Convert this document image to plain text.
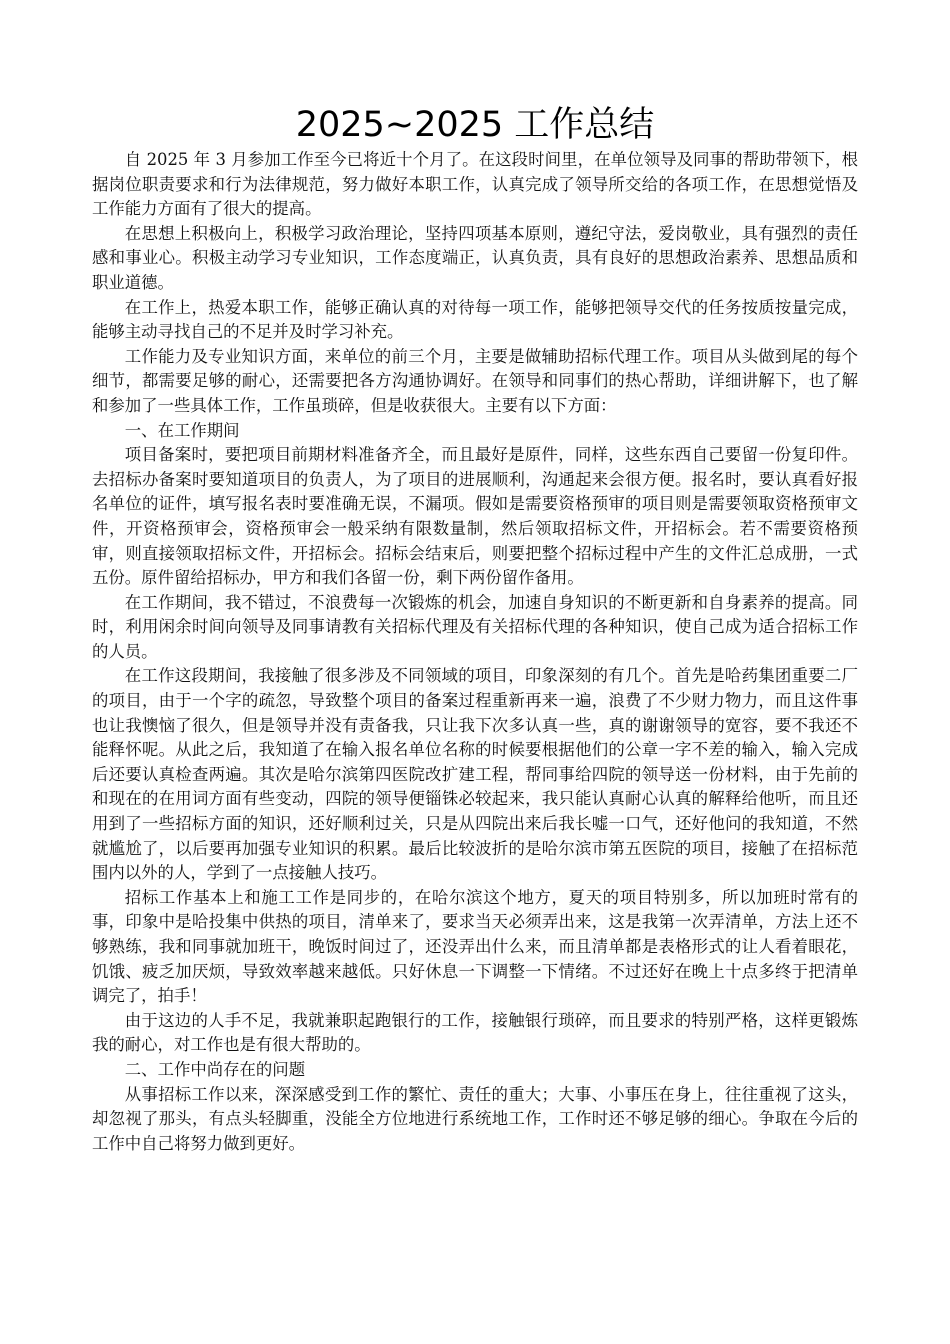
2025~2025 工作总结

自 2025 年 3 月参加工作至今已将近十个月了。在这段时间里，在单位领导及同事的帮助带领下，根据岗位职责要求和行为法律规范，努力做好本职工作，认真完成了领导所交给的各项工作，在思想觉悟及工作能力方面有了很大的提高。

在思想上积极向上，积极学习政治理论，坚持四项基本原则，遵纪守法，爱岗敬业，具有强烈的责任感和事业心。积极主动学习专业知识，工作态度端正，认真负责，具有良好的思想政治素养、思想品质和职业道德。

在工作上，热爱本职工作，能够正确认真的对待每一项工作，能够把领导交代的任务按质按量完成，能够主动寻找自己的不足并及时学习补充。

工作能力及专业知识方面，来单位的前三个月，主要是做辅助招标代理工作。项目从头做到尾的每个细节，都需要足够的耐心，还需要把各方沟通协调好。在领导和同事们的热心帮助，详细讲解下，也了解和参加了一些具体工作，工作虽琐碎，但是收获很大。主要有以下方面：

一、在工作期间

项目备案时，要把项目前期材料准备齐全，而且最好是原件，同样，这些东西自己要留一份复印件。去招标办备案时要知道项目的负责人，为了项目的进展顺利，沟通起来会很方便。报名时，要认真看好报名单位的证件，填写报名表时要准确无误，不漏项。假如是需要资格预审的项目则是需要领取资格预审文件，开资格预审会，资格预审会一般采纳有限数量制，然后领取招标文件，开招标会。若不需要资格预审，则直接领取招标文件，开招标会。招标会结束后，则要把整个招标过程中产生的文件汇总成册，一式五份。原件留给招标办，甲方和我们各留一份，剩下两份留作备用。

在工作期间，我不错过，不浪费每一次锻炼的机会，加速自身知识的不断更新和自身素养的提高。同时，利用闲余时间向领导及同事请教有关招标代理及有关招标代理的各种知识，使自己成为适合招标工作的人员。

在工作这段期间，我接触了很多涉及不同领域的项目，印象深刻的有几个。首先是哈药集团重要二厂的项目，由于一个字的疏忽，导致整个项目的备案过程重新再来一遍，浪费了不少财力物力，而且这件事也让我懊恼了很久，但是领导并没有责备我，只让我下次多认真一些，真的谢谢领导的宽容，要不我还不能释怀呢。从此之后，我知道了在输入报名单位名称的时候要根据他们的公章一字不差的输入，输入完成后还要认真检查两遍。其次是哈尔滨第四医院改扩建工程，帮同事给四院的领导送一份材料，由于先前的和现在的在用词方面有些变动，四院的领导便锱铢必较起来，我只能认真耐心认真的解释给他听，而且还用到了一些招标方面的知识，还好顺利过关，只是从四院出来后我长嘘一口气，还好他问的我知道，不然就尴尬了，以后要再加强专业知识的积累。最后比较波折的是哈尔滨市第五医院的项目，接触了在招标范围内以外的人，学到了一点接触人技巧。

招标工作基本上和施工工作是同步的，在哈尔滨这个地方，夏天的项目特别多，所以加班时常有的事，印象中是哈投集中供热的项目，清单来了，要求当天必须弄出来，这是我第一次弄清单，方法上还不够熟练，我和同事就加班干，晚饭时间过了，还没弄出什么来，而且清单都是表格形式的让人看着眼花，饥饿、疲乏加厌烦，导致效率越来越低。只好休息一下调整一下情绪。不过还好在晚上十点多终于把清单调完了，拍手！

由于这边的人手不足，我就兼职起跑银行的工作，接触银行琐碎，而且要求的特别严格，这样更锻炼我的耐心，对工作也是有很大帮助的。

二、工作中尚存在的问题

从事招标工作以来，深深感受到工作的繁忙、责任的重大；大事、小事压在身上，往往重视了这头，却忽视了那头，有点头轻脚重，没能全方位地进行系统地工作，工作时还不够足够的细心。争取在今后的工作中自己将努力做到更好。
